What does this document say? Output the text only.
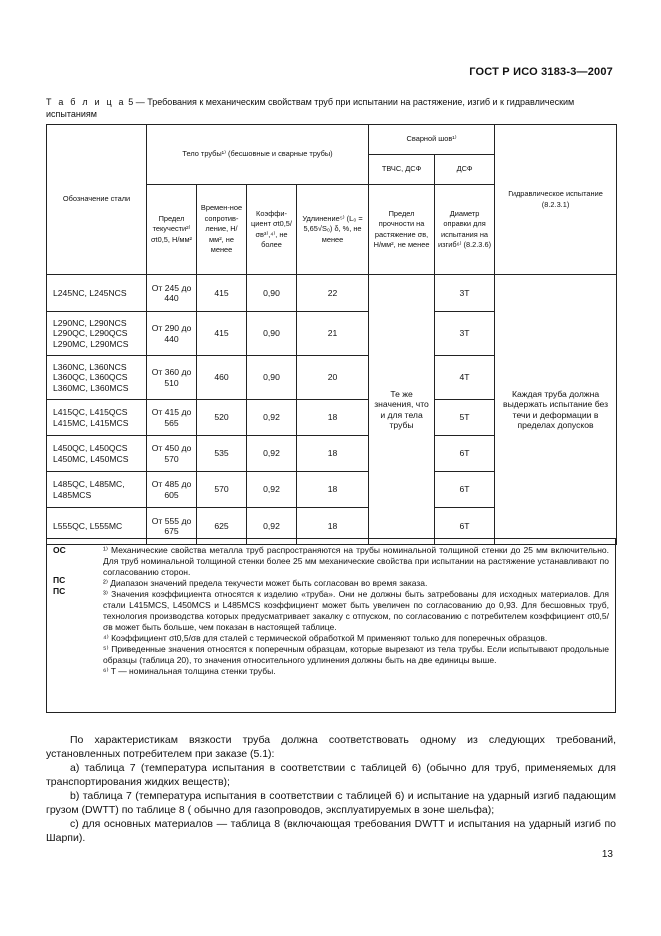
ГОСТ Р ИСО 3183-3—2007
Т а б л и ц а 5 — Требования к механическим свойствам труб при испытании на растяжение, изгиб и к гидравлическим испытаниям
Обозначение стали	Тело трубы¹⁾ (бесшовные и сварные трубы)				Сварной шов¹⁾		Гидравлическое испытание (8.2.3.1)
					ТВЧС, ДСФ	ДСФ	
	Предел текучести²⁾ σt0,5, Н/мм²	Времен-ное сопротив-ление, Н/мм², не менее	Коэффи-циент σt0,5/σв³⁾,⁴⁾, не более	Удлинение⁵⁾ (L₀ = 5,65√S₀) δ, %, не менее	Предел прочности на растяжение σв, Н/мм², не менее	Диаметр оправки для испытания на изгиб⁶⁾ (8.2.3.6)	
L245NC, L245NCS	От 245 до 440	415	0,90	22	Те же значения, что и для тела трубы	3T	Каждая труба должна выдержать испытание без течи и деформации в пределах допусков
L290NC, L290NCS L290QC, L290QCS L290MC, L290MCS	От 290 до 440	415	0,90	21		3T	
L360NC, L360NCS L360QC, L360QCS L360MC, L360MCS	От 360 до 510	460	0,90	20		4T	
L415QC, L415QCS L415MC, L415MCS	От 415 до 565	520	0,92	18		5T	
L450QC, L450QCS L450MC, L450MCS	От 450 до 570	535	0,92	18		6T	
L485QC, L485MC, L485MCS	От 485 до 605	570	0,92	18		6T	
L555QC, L555MC	От 555 до 675	625	0,92	18		6T	
ОС
ПС
ПС

¹⁾ Механические свойства металла труб распространяются на трубы номинальной толщиной стенки до 25 мм включительно. Для труб номинальной толщиной стенки более 25 мм механические свойства при испытании на растяжение устанавливают по согласованию сторон.

²⁾ Диапазон значений предела текучести может быть согласован во время заказа.

³⁾ Значения коэффициента относятся к изделию «труба». Они не должны быть затребованы для исходных материалов. Для стали L415MCS, L450MCS и L485MCS коэффициент может быть увеличен по согласованию до 0,93. Для бесшовных труб, технология производства которых предусматривает закалку с отпуском, по согласованию с потребителем коэффициент σt0,5/σв может быть больше, чем показан в настоящей таблице.

⁴⁾ Коэффициент σt0,5/σв для сталей с термической обработкой М применяют только для поперечных образцов.

⁵⁾ Приведенные значения относятся к поперечным образцам, которые вырезают из тела трубы. Если испытывают продольные образцы (таблица 20), то значения относительного удлинения должны быть на две единицы выше.

⁶⁾ T — номинальная толщина стенки трубы.

По характеристикам вязкости труба должна соответствовать одному из следующих требований, установленных потребителем при заказе (5.1):

a) таблица 7 (температура испытания в соответствии с таблицей 6) (обычно для труб, применяемых для транспортирования жидких веществ);

b) таблица 7 (температура испытания в соответствии с таблицей 6) и испытание на ударный изгиб падающим грузом (DWTT) по таблице 8 ( обычно для газопроводов, эксплуатируемых в зоне шельфа);

c) для основных материалов — таблица 8 (включающая требования DWTT и испытания на ударный изгиб по Шарпи).

13
